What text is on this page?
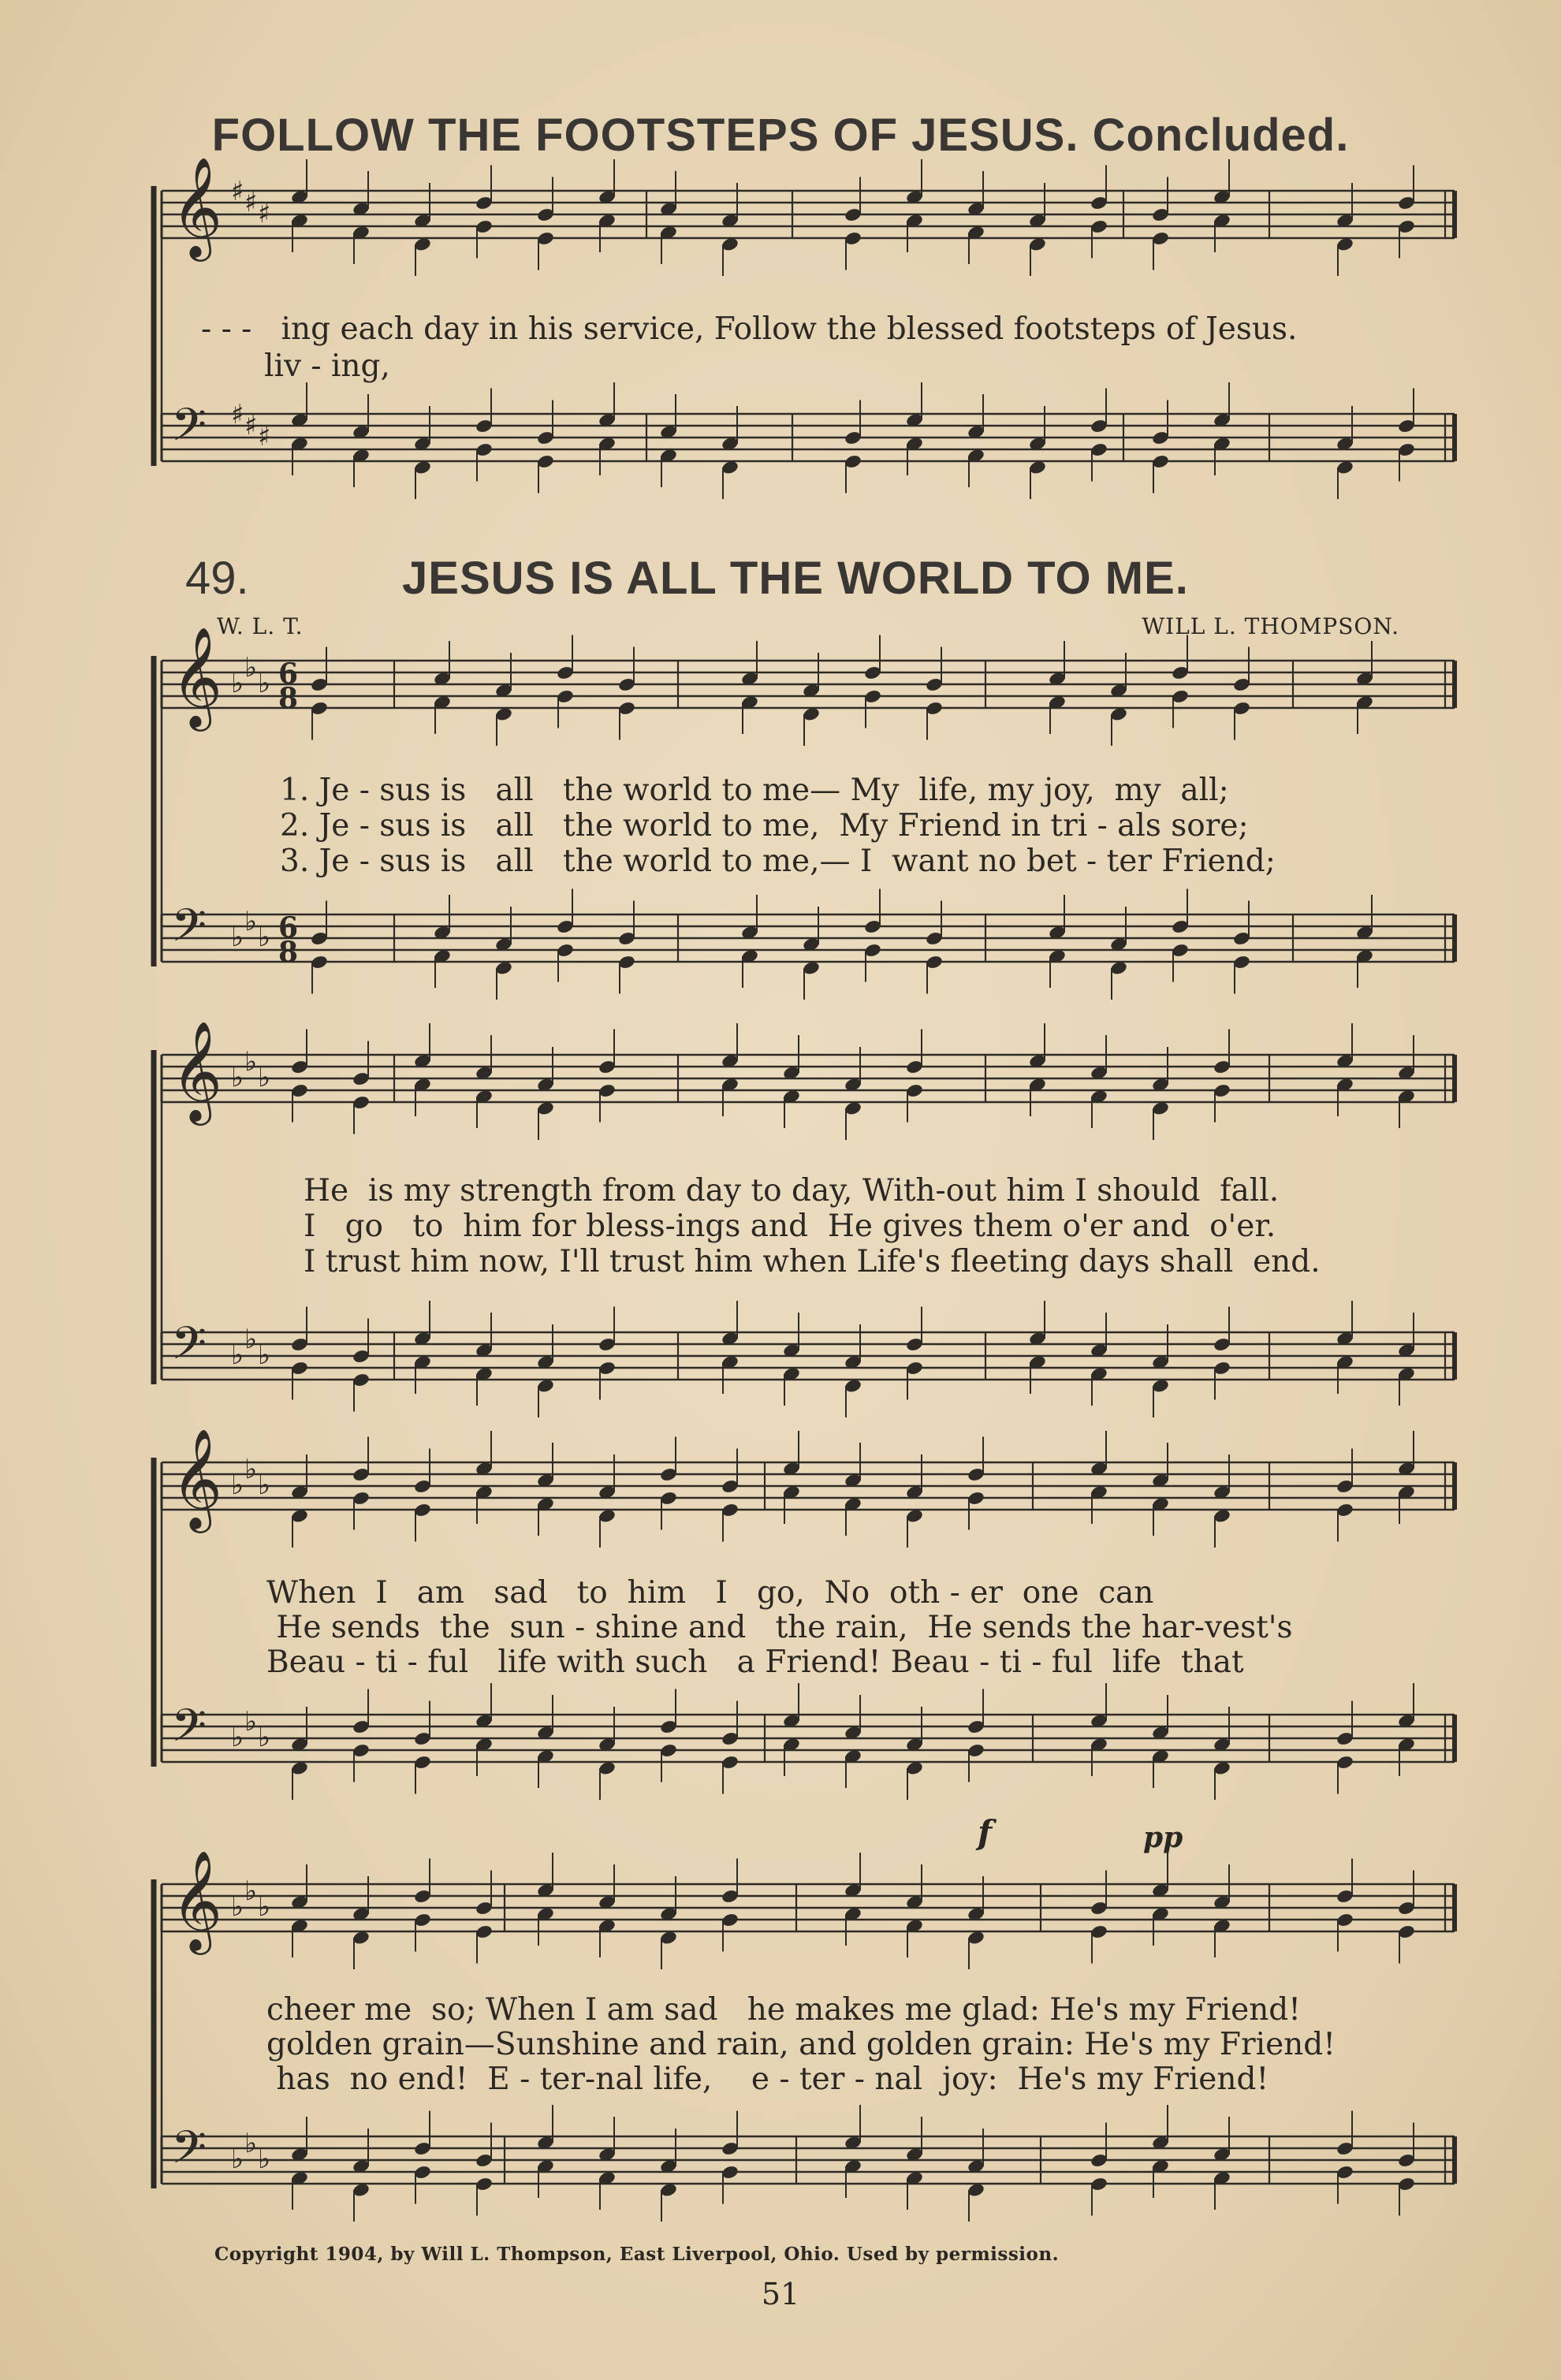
FOLLOW THE FOOTSTEPS OF JESUS. Concluded.
49.	JESUS IS ALL THE WORLD TO ME.
W. L. T.	WILL L. THOMPSON.
- - -   ing each day in his service, Follow the blessed footsteps of Jesus.
liv - ing,
1. Je - sus is   all   the world to me— My  life, my joy,  my  all;
2. Je - sus is   all   the world to me,  My Friend in tri - als sore;
3. Je - sus is   all   the world to me,— I  want no bet - ter Friend;
He  is my strength from day to day, With-out him I should  fall.
I   go   to  him for bless-ings and  He gives them o'er and  o'er.
I trust him now, I'll trust him when Life's fleeting days shall  end.
When  I   am   sad   to  him   I   go,  No  oth - er  one  can
He sends  the  sun - shine and   the rain,  He sends the har-vest's
Beau - ti - ful   life with such   a Friend! Beau - ti - ful  life  that
cheer me  so; When I am sad   he makes me glad: He's my Friend!
golden grain—Sunshine and rain, and golden grain: He's my Friend!
has  no end!  E - ter-nal life,    e - ter - nal  joy:  He's my Friend!
f	pp
𝄞 ♯ ♯ ♯
𝄢 ♯ ♯ ♯
𝄞 ♭ ♭ ♭ 6
8
𝄢 ♭ ♭ ♭ 6
8
𝄞 ♭ ♭ ♭
𝄢 ♭ ♭ ♭
𝄞 ♭ ♭ ♭
𝄢 ♭ ♭ ♭
𝄞 ♭ ♭ ♭
𝄢 ♭ ♭ ♭
Copyright 1904, by Will L. Thompson, East Liverpool, Ohio. Used by permission.
51
